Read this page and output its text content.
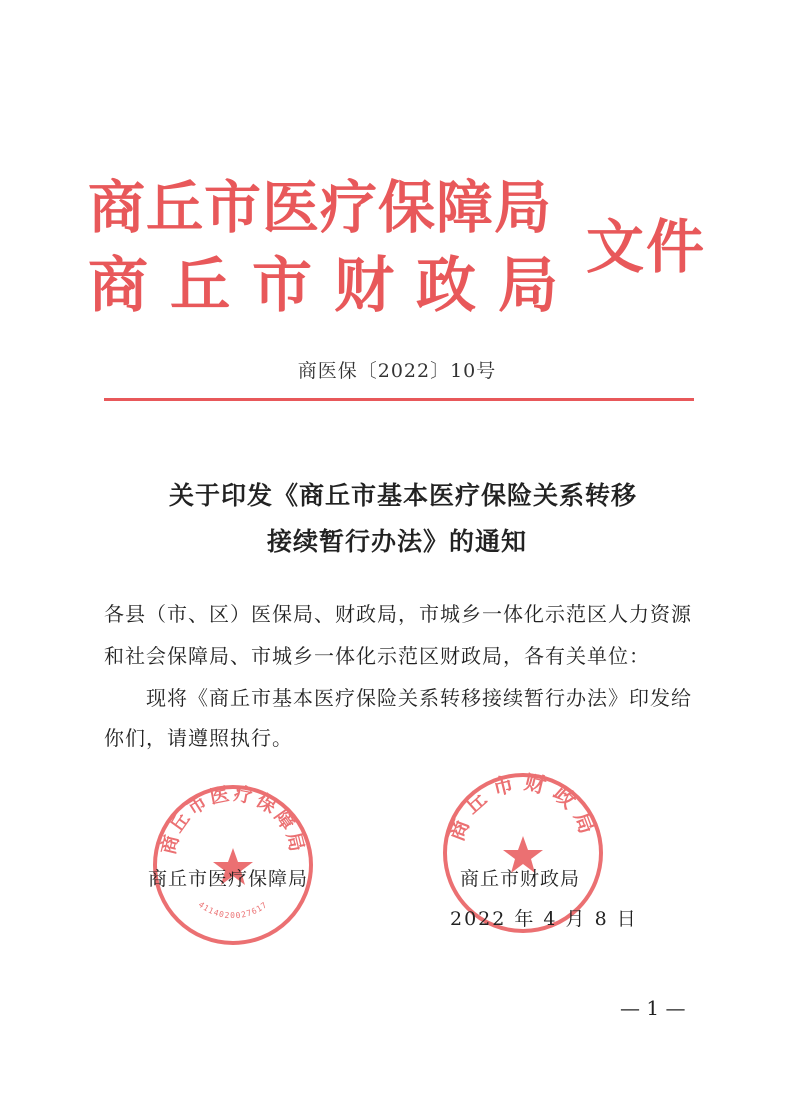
商丘市医疗保障局
商丘市财政局
文件
商医保〔2022〕10号
关于印发《商丘市基本医疗保险关系转移
接续暂行办法》的通知
各县（市、区）医保局、财政局，市城乡一体化示范区人力资源
和社会保障局、市城乡一体化示范区财政局，各有关单位：
现将《商丘市基本医疗保险关系转移接续暂行办法》印发给
你们，请遵照执行。
商丘市医疗保障局
4114020027617
商丘市财政局
商丘市医疗保障局	商丘市财政局
2022 年 4 月 8 日
— 1 —
